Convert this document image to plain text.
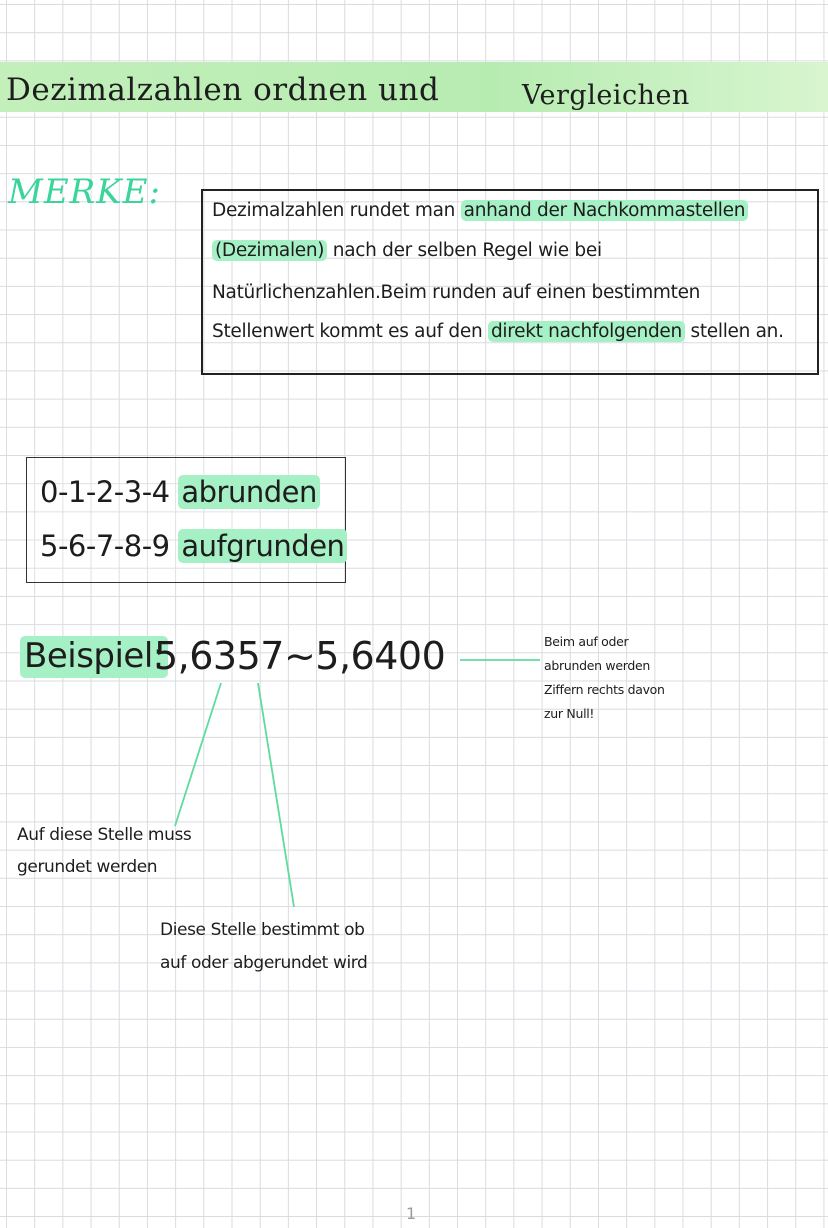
Dezimalzahlen ordnen und	Vergleichen
MERKE:	Dezimalzahlen rundet man anhand der Nachkommastellen
(Dezimalen) nach der selben Regel wie bei
Natürlichenzahlen.Beim runden auf einen bestimmten
Stellenwert kommt es auf den direkt nachfolgenden stellen an.
0-1-2-3-4 abrunden
5-6-7-8-9 aufgrunden
Beispiel:
5,6357~5,6400	Beim auf oder
abrunden werden
Ziffern rechts davon
zur Null!
Auf diese Stelle muss
gerundet werden
Diese Stelle bestimmt ob
auf oder abgerundet wird
1
